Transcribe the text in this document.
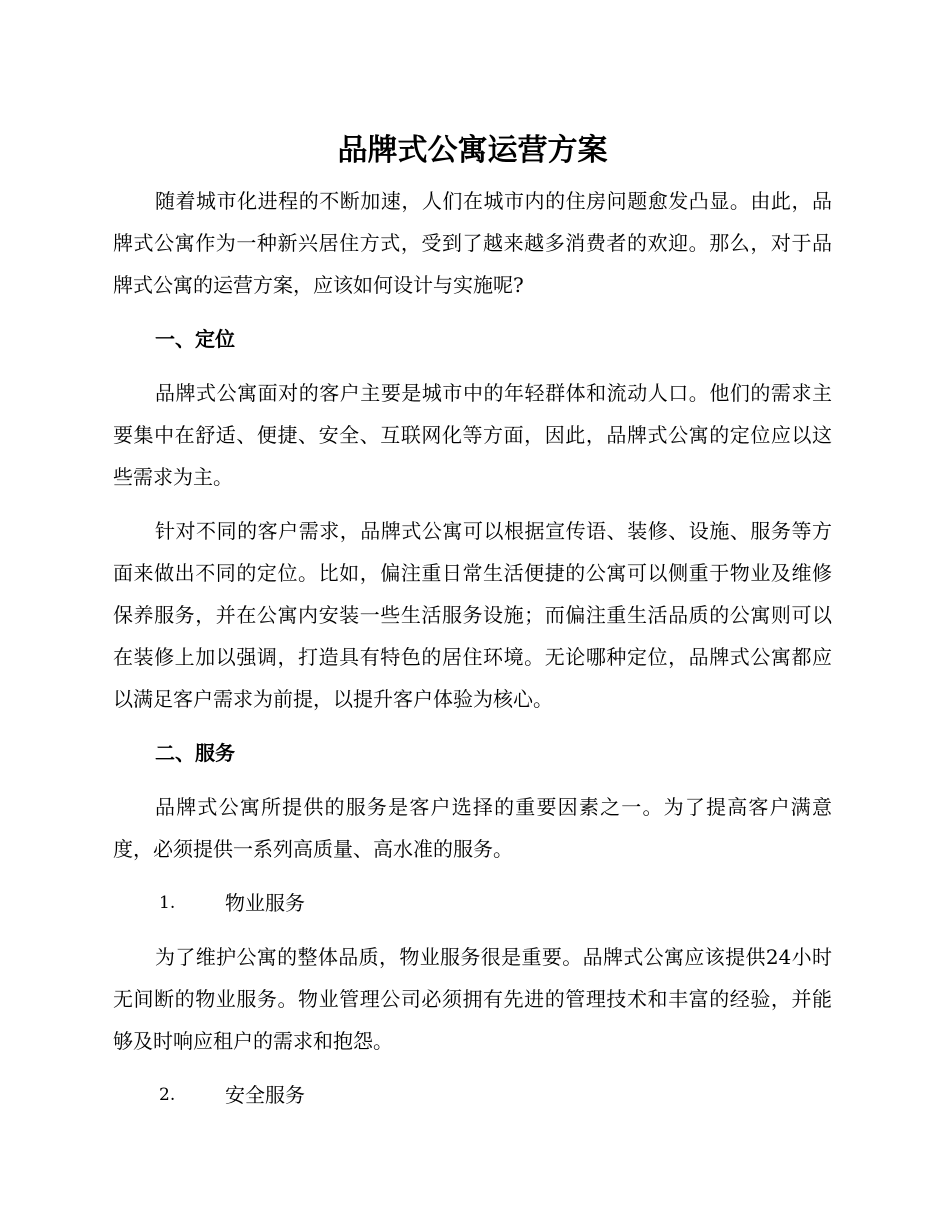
品牌式公寓运营方案

随着城市化进程的不断加速，人们在城市内的住房问题愈发凸显。由此，品牌式公寓作为一种新兴居住方式，受到了越来越多消费者的欢迎。那么，对于品牌式公寓的运营方案，应该如何设计与实施呢?

一、定位

品牌式公寓面对的客户主要是城市中的年轻群体和流动人口。他们的需求主要集中在舒适、便捷、安全、互联网化等方面，因此，品牌式公寓的定位应以这些需求为主。

针对不同的客户需求，品牌式公寓可以根据宣传语、装修、设施、服务等方面来做出不同的定位。比如，偏注重日常生活便捷的公寓可以侧重于物业及维修保养服务，并在公寓内安装一些生活服务设施；而偏注重生活品质的公寓则可以在装修上加以强调，打造具有特色的居住环境。无论哪种定位，品牌式公寓都应以满足客户需求为前提，以提升客户体验为核心。

二、服务

品牌式公寓所提供的服务是客户选择的重要因素之一。为了提高客户满意度，必须提供一系列高质量、高水准的服务。

1.	物业服务

为了维护公寓的整体品质，物业服务很是重要。品牌式公寓应该提供24小时无间断的物业服务。物业管理公司必须拥有先进的管理技术和丰富的经验，并能够及时响应租户的需求和抱怨。

2.	安全服务
